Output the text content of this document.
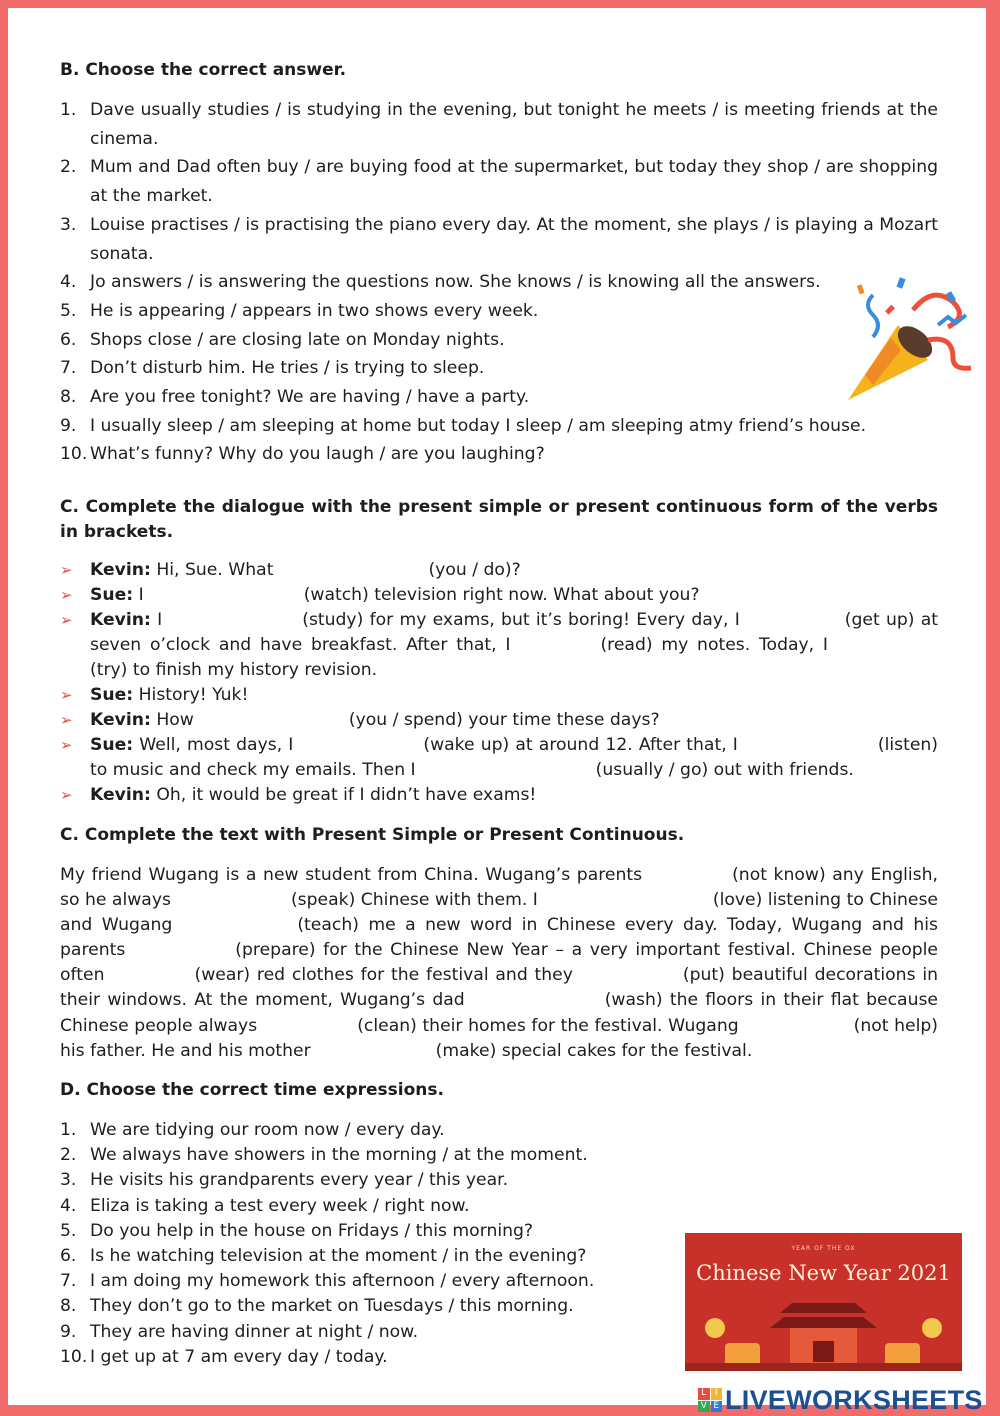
B. Choose the correct answer.
1. Dave usually studies / is studying in the evening, but tonight he meets / is meeting friends at the cinema.
2. Mum and Dad often buy / are buying food at the supermarket, but today they shop / are shopping at the market.
3. Louise practises / is practising the piano every day. At the moment, she plays / is playing a Mozart sonata.
4. Jo answers / is answering the questions now. She knows / is knowing all the answers.
5. He is appearing / appears in two shows every week.
6. Shops close / are closing late on Monday nights.
7. Don’t disturb him. He tries / is trying to sleep.
8. Are you free tonight? We are having / have a party.
9. I usually sleep / am sleeping at home but today I sleep / am sleeping atmy friend’s house.
10. What’s funny? Why do you laugh / are you laughing?
C. Complete the dialogue with the present simple or present continuous form of the verbs in brackets.
➢ Kevin: Hi, Sue. What	(you / do)?
➢ Sue: I	(watch) television right now. What about you?
➢ Kevin: I	(study) for my exams, but it’s boring! Every day, I	(get up) at seven o’clock and have breakfast. After that, I	(read) my notes. Today, I(try) to finish my history revision.
➢ Sue: History! Yuk!
➢ Kevin: How	(you / spend) your time these days?
➢ Sue: Well, most days, I	(wake up) at around 12. After that, I	(listen) to music and check my emails. Then I	(usually / go) out with friends.
➢ Kevin: Oh, it would be great if I didn’t have exams!
C. Complete the text with Present Simple or Present Continuous.
My friend Wugang is a new student from China. Wugang’s parents	(not know) any English, so he always	(speak) Chinese with them. I	(love) listening to Chinese and Wugang	(teach) me a new word in Chinese every day. Today, Wugang and his parents	(prepare) for the Chinese New Year – a very important festival. Chinese people often	(wear) red clothes for the festival and they	(put) beautiful decorations in their windows. At the moment, Wugang’s dad	(wash) the floors in their flat because Chinese people always	(clean) their homes for the festival. Wugang	(not help) his father. He and his mother	(make) special cakes for the festival.
D. Choose the correct time expressions.
1. We are tidying our room now / every day.
2. We always have showers in the morning / at the moment.
3. He visits his grandparents every year / this year.
4. Eliza is taking a test every week / right now.
5. Do you help in the house on Fridays / this morning?
6. Is he watching television at the moment / in the evening?
7. I am doing my homework this afternoon / every afternoon.
8. They don’t go to the market on Tuesdays / this morning.
9. They are having dinner at night / now.
10. I get up at 7 am every day / today.
YEAR OF THE OX
Chinese New Year 2021
L I
V E LIVEWORKSHEETS
